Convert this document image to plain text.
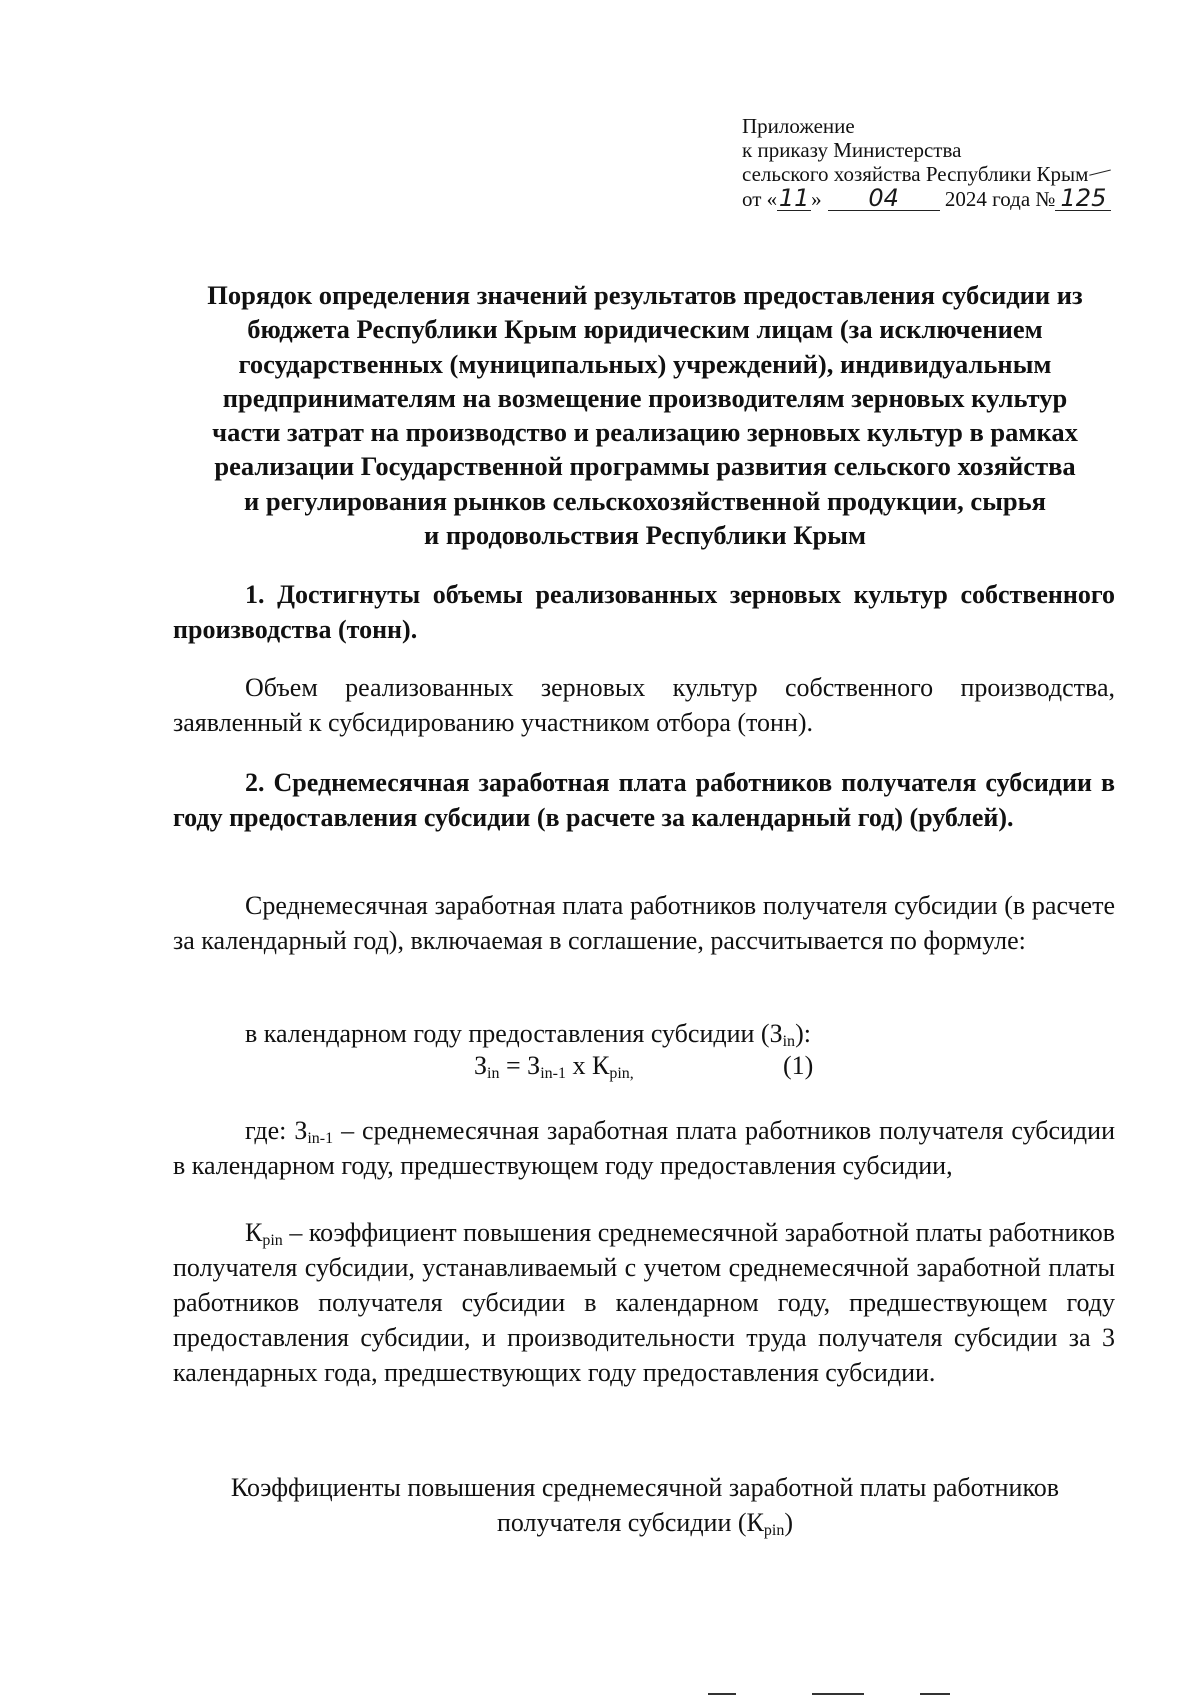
Приложение
к приказу Министерства
сельского хозяйства Республики Крым
от «11» 04 2024 года № 125
Порядок определения значений результатов предоставления субсидии из
бюджета Республики Крым юридическим лицам (за исключением
государственных (муниципальных) учреждений), индивидуальным
предпринимателям на возмещение производителям зерновых культур
части затрат на производство и реализацию зерновых культур в рамках
реализации Государственной программы развития сельского хозяйства
и регулирования рынков сельскохозяйственной продукции, сырья
и продовольствия Республики Крым
1. Достигнуты объемы реализованных зерновых культур собственного производства (тонн).
Объем реализованных зерновых культур собственного производства, заявленный к субсидированию участником отбора (тонн).
2. Среднемесячная заработная плата работников получателя субсидии в году предоставления субсидии (в расчете за календарный год) (рублей).
Среднемесячная заработная плата работников получателя субсидии (в расчете за календарный год), включаемая в соглашение, рассчитывается по формуле:
в календарном году предоставления субсидии $(З_{in})$:
$З_{in} = З_{in-1}$ х $К_{pin,}$	(1)
где: $З_{in-1}$ – среднемесячная заработная плата работников получателя субсидии в календарном году, предшествующем году предоставления субсидии,
$К_{pin}$ – коэффициент повышения среднемесячной заработной платы работников получателя субсидии, устанавливаемый с учетом среднемесячной заработной платы работников получателя субсидии в календарном году, предшествующем году предоставления субсидии, и производительности труда получателя субсидии за 3 календарных года, предшествующих году предоставления субсидии.
Коэффициенты повышения среднемесячной заработной платы работников
получателя субсидии $(К_{pin})$
